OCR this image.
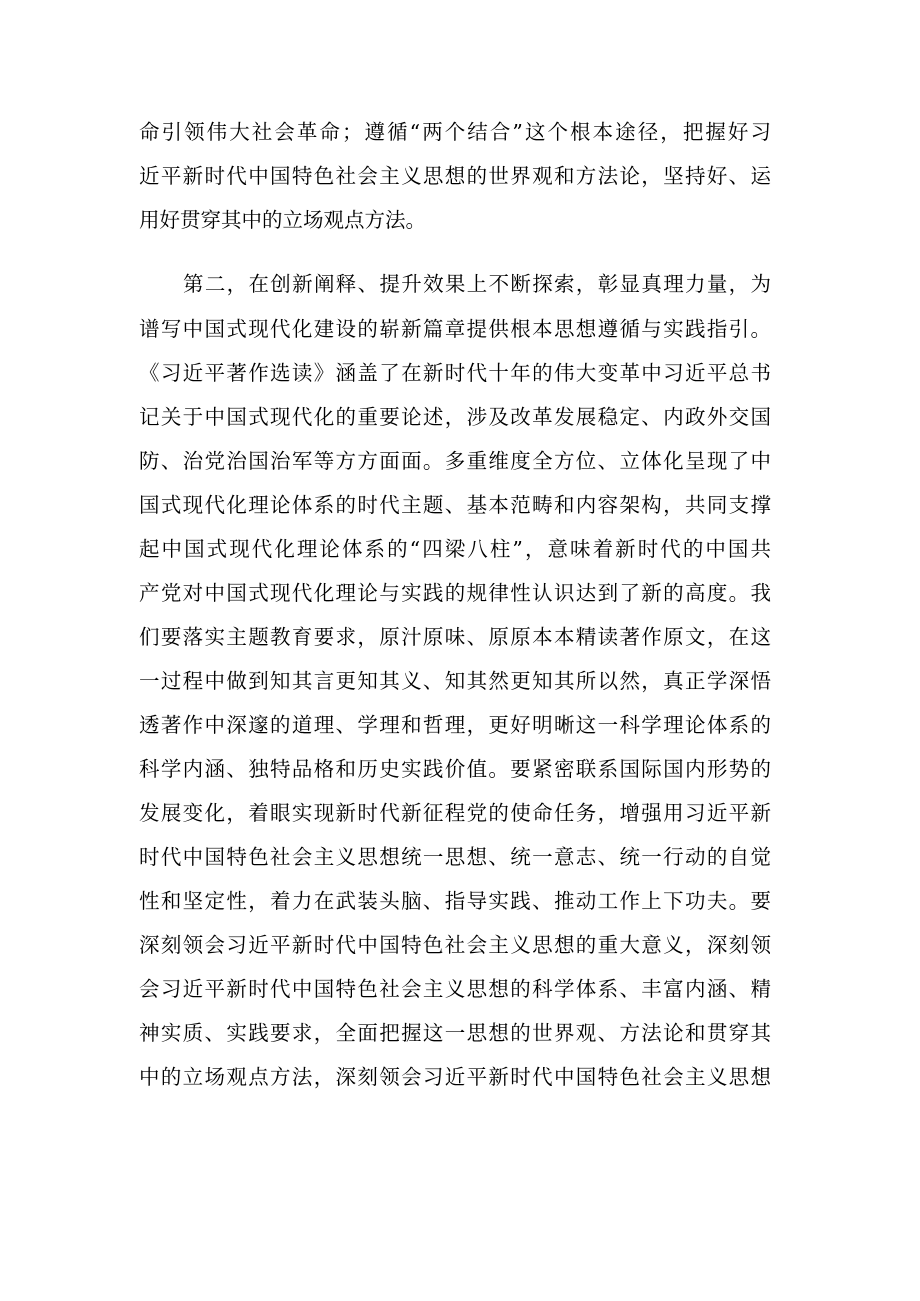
命引领伟大社会革命；遵循“两个结合”这个根本途径，把握好习
近平新时代中国特色社会主义思想的世界观和方法论，坚持好、运
用好贯穿其中的立场观点方法。
第二，在创新阐释、提升效果上不断探索，彰显真理力量，为
谱写中国式现代化建设的崭新篇章提供根本思想遵循与实践指引。
《习近平著作选读》涵盖了在新时代十年的伟大变革中习近平总书
记关于中国式现代化的重要论述，涉及改革发展稳定、内政外交国
防、治党治国治军等方方面面。多重维度全方位、立体化呈现了中
国式现代化理论体系的时代主题、基本范畴和内容架构，共同支撑
起中国式现代化理论体系的“四梁八柱”，意味着新时代的中国共
产党对中国式现代化理论与实践的规律性认识达到了新的高度。我
们要落实主题教育要求，原汁原味、原原本本精读著作原文，在这
一过程中做到知其言更知其义、知其然更知其所以然，真正学深悟
透著作中深邃的道理、学理和哲理，更好明晰这一科学理论体系的
科学内涵、独特品格和历史实践价值。要紧密联系国际国内形势的
发展变化，着眼实现新时代新征程党的使命任务，增强用习近平新
时代中国特色社会主义思想统一思想、统一意志、统一行动的自觉
性和坚定性，着力在武装头脑、指导实践、推动工作上下功夫。要
深刻领会习近平新时代中国特色社会主义思想的重大意义，深刻领
会习近平新时代中国特色社会主义思想的科学体系、丰富内涵、精
神实质、实践要求，全面把握这一思想的世界观、方法论和贯穿其
中的立场观点方法，深刻领会习近平新时代中国特色社会主义思想
